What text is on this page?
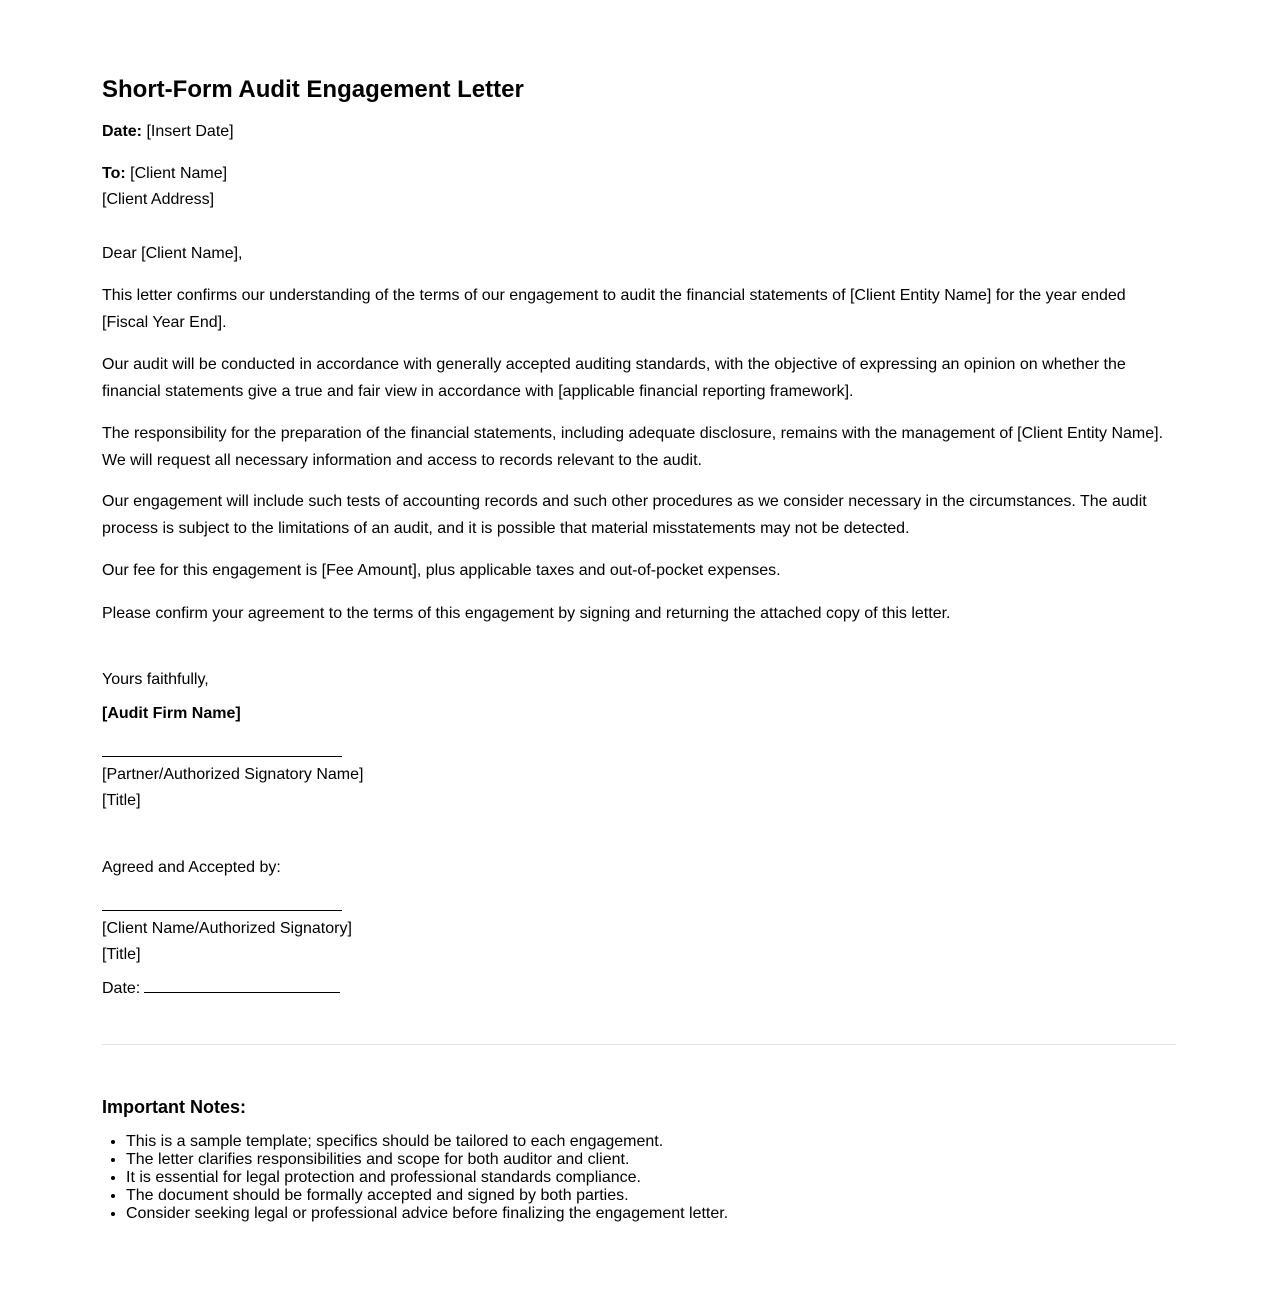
Short-Form Audit Engagement Letter
Date: [Insert Date]
To: [Client Name]
[Client Address]
Dear [Client Name],

This letter confirms our understanding of the terms of our engagement to audit the financial statements of [Client Entity Name] for the year ended [Fiscal Year End].

Our audit will be conducted in accordance with generally accepted auditing standards, with the objective of expressing an opinion on whether the financial statements give a true and fair view in accordance with [applicable financial reporting framework].

The responsibility for the preparation of the financial statements, including adequate disclosure, remains with the management of [Client Entity Name]. We will request all necessary information and access to records relevant to the audit.

Our engagement will include such tests of accounting records and such other procedures as we consider necessary in the circumstances. The audit process is subject to the limitations of an audit, and it is possible that material misstatements may not be detected.

Our fee for this engagement is [Fee Amount], plus applicable taxes and out-of-pocket expenses.

Please confirm your agreement to the terms of this engagement by signing and returning the attached copy of this letter.

Yours faithfully,
[Audit Firm Name]
[Partner/Authorized Signatory Name]
[Title]
Agreed and Accepted by:
[Client Name/Authorized Signatory]
[Title]
Date:
Important Notes:
• This is a sample template; specifics should be tailored to each engagement.
• The letter clarifies responsibilities and scope for both auditor and client.
• It is essential for legal protection and professional standards compliance.
• The document should be formally accepted and signed by both parties.
• Consider seeking legal or professional advice before finalizing the engagement letter.
